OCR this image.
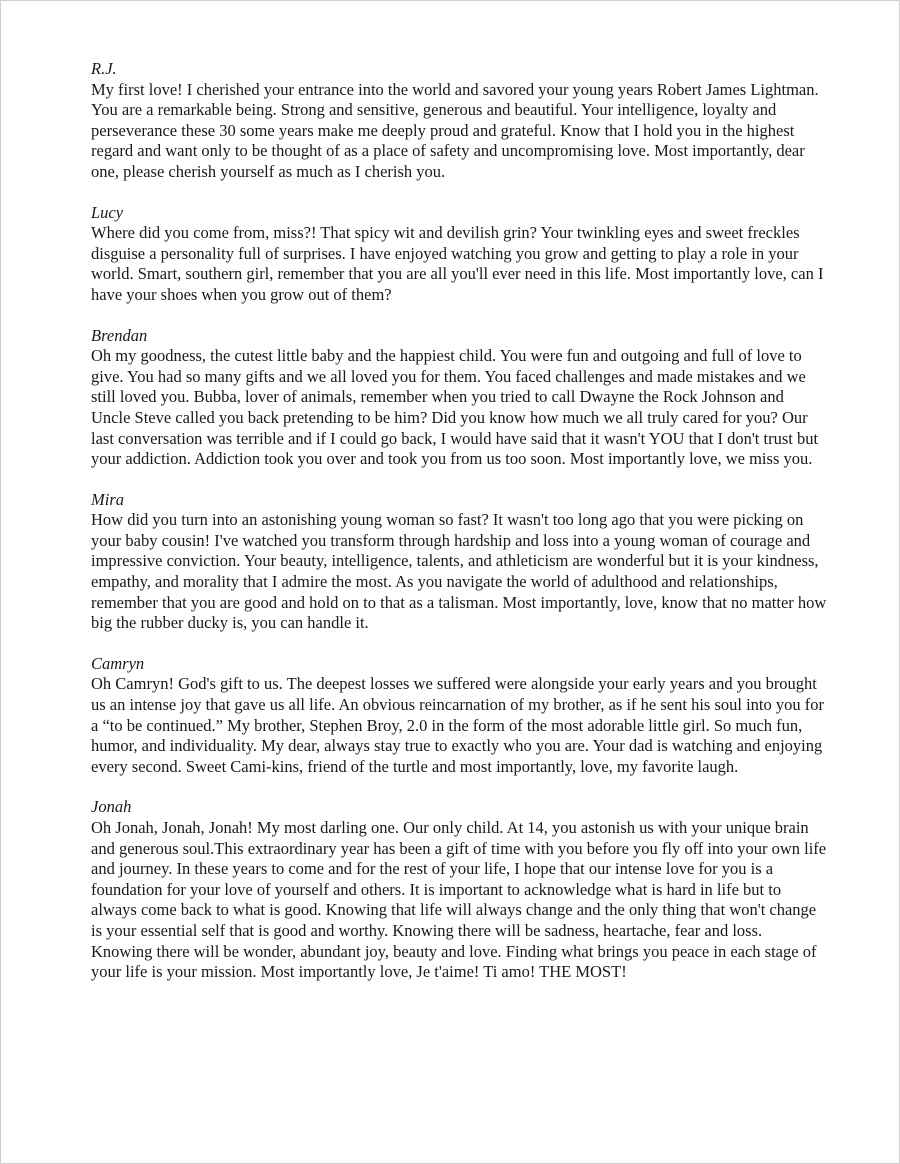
R.J.

My first love! I cherished your entrance into the world and savored your young years Robert James Lightman. You are a remarkable being. Strong and sensitive, generous and beautiful. Your intelligence, loyalty and perseverance these 30 some years make me deeply proud and grateful. Know that I hold you in the highest regard and want only to be thought of as a place of safety and uncompromising love. Most importantly, dear one, please cherish yourself as much as I cherish you.

Lucy

Where did you come from, miss?! That spicy wit and devilish grin? Your twinkling eyes and sweet freckles disguise a personality full of surprises. I have enjoyed watching you grow and getting to play a role in your world. Smart, southern girl, remember that you are all you'll ever need in this life. Most importantly love, can I have your shoes when you grow out of them?

Brendan

Oh my goodness, the cutest little baby and the happiest child. You were fun and outgoing and full of love to give. You had so many gifts and we all loved you for them. You faced challenges and made mistakes and we still loved you. Bubba, lover of animals, remember when you tried to call Dwayne the Rock Johnson and Uncle Steve called you back pretending to be him? Did you know how much we all truly cared for you? Our last conversation was terrible and if I could go back, I would have said that it wasn't YOU that I don't trust but your addiction. Addiction took you over and took you from us too soon. Most importantly love, we miss you.

Mira

How did you turn into an astonishing young woman so fast? It wasn't too long ago that you were picking on your baby cousin! I've watched you transform through hardship and loss into a young woman of courage and impressive conviction. Your beauty, intelligence, talents, and athleticism are wonderful but it is your kindness, empathy, and morality that I admire the most. As you navigate the world of adulthood and relationships, remember that you are good and hold on to that as a talisman. Most importantly, love, know that no matter how big the rubber ducky is, you can handle it.

Camryn

Oh Camryn! God's gift to us. The deepest losses we suffered were alongside your early years and you brought us an intense joy that gave us all life. An obvious reincarnation of my brother, as if he sent his soul into you for a “to be continued.” My brother, Stephen Broy, 2.0 in the form of the most adorable little girl. So much fun, humor, and individuality. My dear, always stay true to exactly who you are. Your dad is watching and enjoying every second. Sweet Cami-kins, friend of the turtle and most importantly, love, my favorite laugh.

Jonah

Oh Jonah, Jonah, Jonah! My most darling one. Our only child. At 14, you astonish us with your unique brain and generous soul.This extraordinary year has been a gift of time with you before you fly off into your own life and journey. In these years to come and for the rest of your life, I hope that our intense love for you is a foundation for your love of yourself and others. It is important to acknowledge what is hard in life but to always come back to what is good. Knowing that life will always change and the only thing that won't change is your essential self that is good and worthy. Knowing there will be sadness, heartache, fear and loss. Knowing there will be wonder, abundant joy, beauty and love. Finding what brings you peace in each stage of your life is your mission. Most importantly love, Je t'aime! Ti amo! THE MOST!
